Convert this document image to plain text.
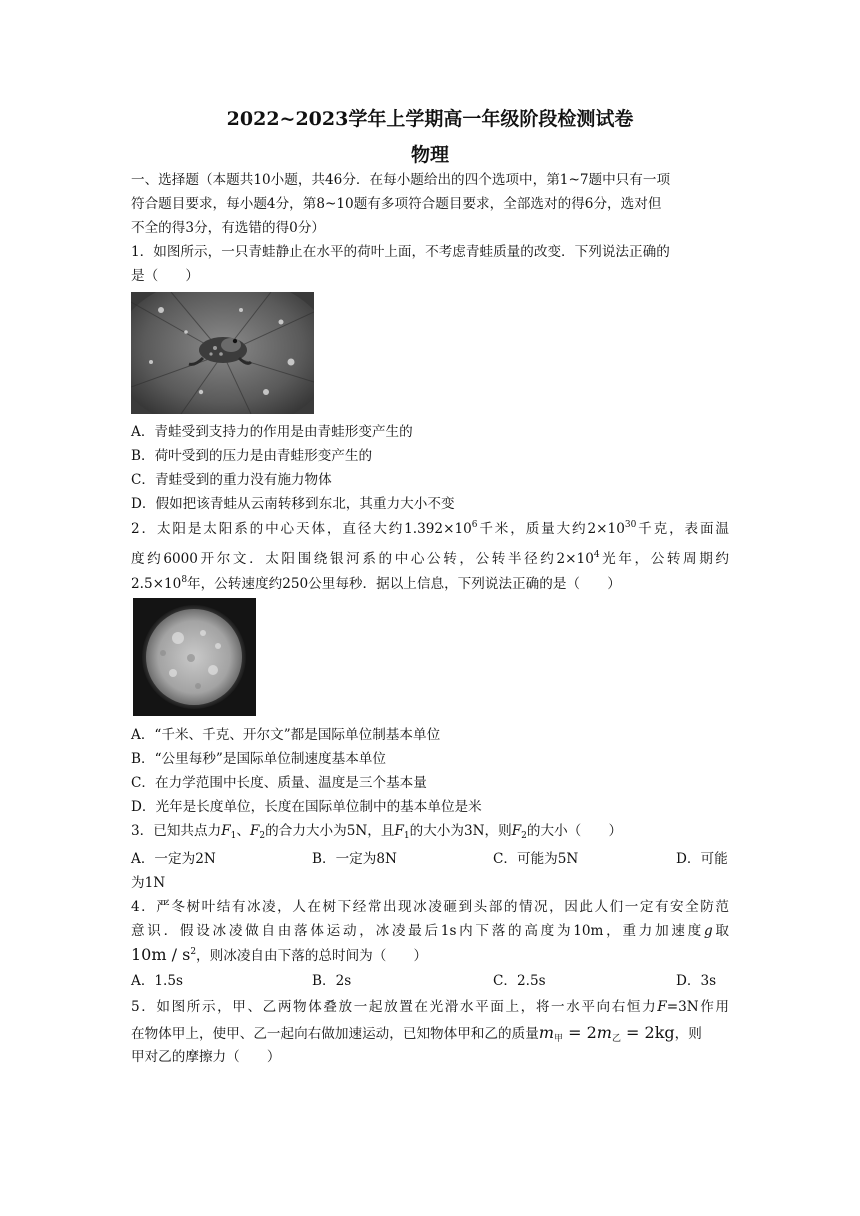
2022~2023学年上学期高一年级阶段检测试卷
物理
一、选择题（本题共10小题，共46分．在每小题给出的四个选项中，第1~7题中只有一项
符合题目要求，每小题4分，第8~10题有多项符合题目要求，全部选对的得6分，选对但
不全的得3分，有选错的得0分）
1．如图所示，一只青蛙静止在水平的荷叶上面，不考虑青蛙质量的改变．下列说法正确的
是（　　）
A．青蛙受到支持力的作用是由青蛙形变产生的
B．荷叶受到的压力是由青蛙形变产生的
C．青蛙受到的重力没有施力物体
D．假如把该青蛙从云南转移到东北，其重力大小不变
2．太阳是太阳系的中心天体，直径大约$1.392\times 10^6$千米，质量大约$2\times 10^{30}$千克，表面温
度约6000开尔文．太阳围绕银河系的中心公转，公转半径约$2\times 10^4$光年，公转周期约
$2.5\times 10^8$年，公转速度约250公里每秒．据以上信息，下列说法正确的是（　　）
A．“千米、千克、开尔文”都是国际单位制基本单位
B．“公里每秒”是国际单位制速度基本单位
C．在力学范围中长度、质量、温度是三个基本量
D．光年是长度单位，长度在国际单位制中的基本单位是米
3．已知共点力$F_1$、$F_2$的合力大小为5N，且$F_1$的大小为3N，则$F_2$的大小（　　）
A．一定为2N	B．一定为8N	C．可能为5N	D．可能
为1N
4．严冬树叶结有冰凌，人在树下经常出现冰凌砸到头部的情况，因此人们一定有安全防范
意识．假设冰凌做自由落体运动，冰凌最后1s内下落的高度为10m，重力加速度g取
$10m / s^2$，则冰凌自由下落的总时间为（　　）
A．1.5s	B．2s	C．2.5s	D．3s
5．如图所示，甲、乙两物体叠放一起放置在光滑水平面上，将一水平向右恒力F=3N作用
在物体甲上，使甲、乙一起向右做加速运动，已知物体甲和乙的质量$m_甲 = 2m_乙 = 2kg$，则
甲对乙的摩擦力（　　）
